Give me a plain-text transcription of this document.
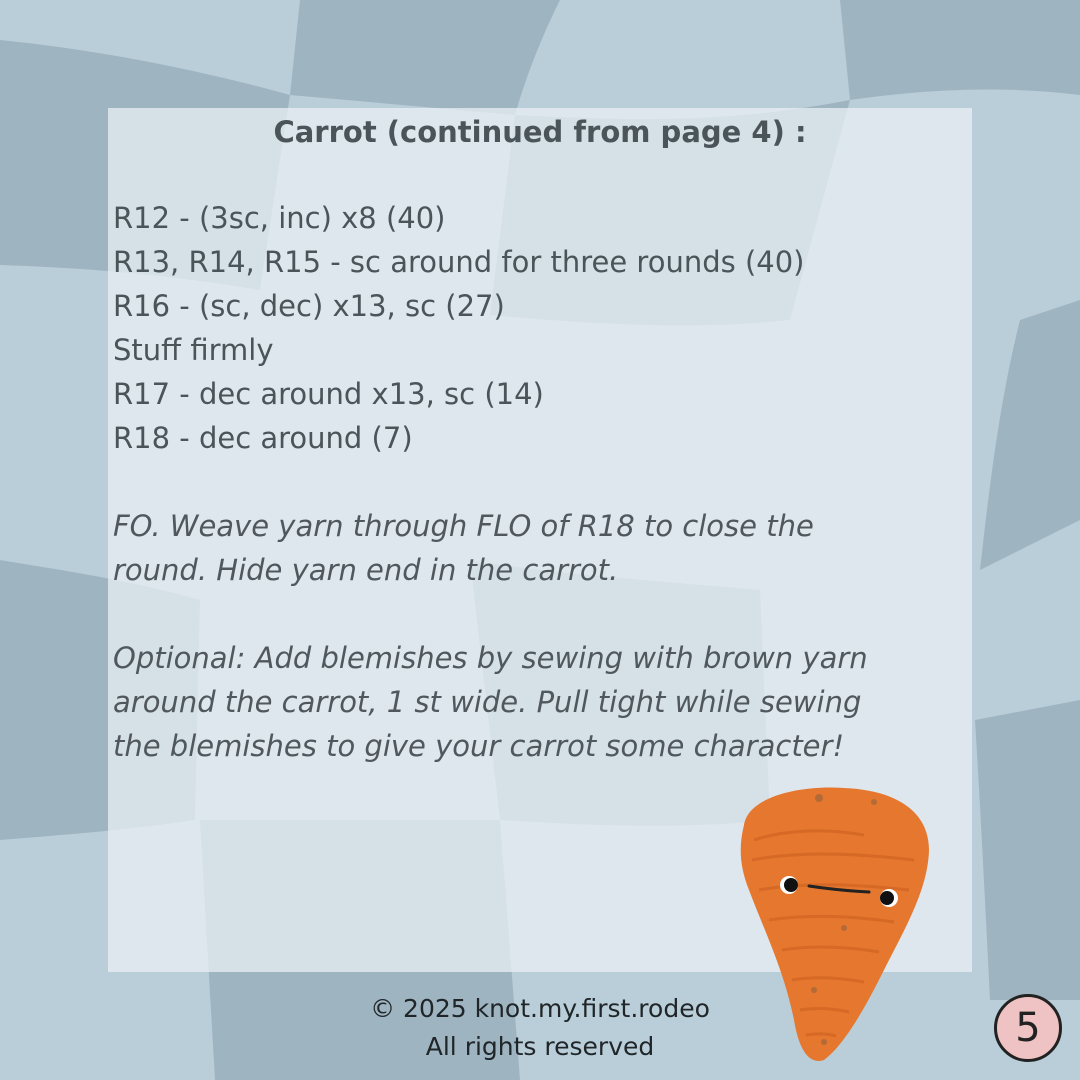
Carrot (continued from page 4) :

R12 - (3sc, inc) x8 (40)
R13, R14, R15 - sc around for three rounds (40)
R16 - (sc, dec) x13, sc (27)
Stuff firmly
R17 - dec around x13, sc (14)
R18 - dec around (7)

FO. Weave yarn through FLO of R18 to close the
round. Hide yarn end in the carrot.

Optional: Add blemishes by sewing with brown yarn
around the carrot, 1 st wide. Pull tight while sewing
the blemishes to give your carrot some character!

© 2025 knot.my.first.rodeo

All rights reserved	5
